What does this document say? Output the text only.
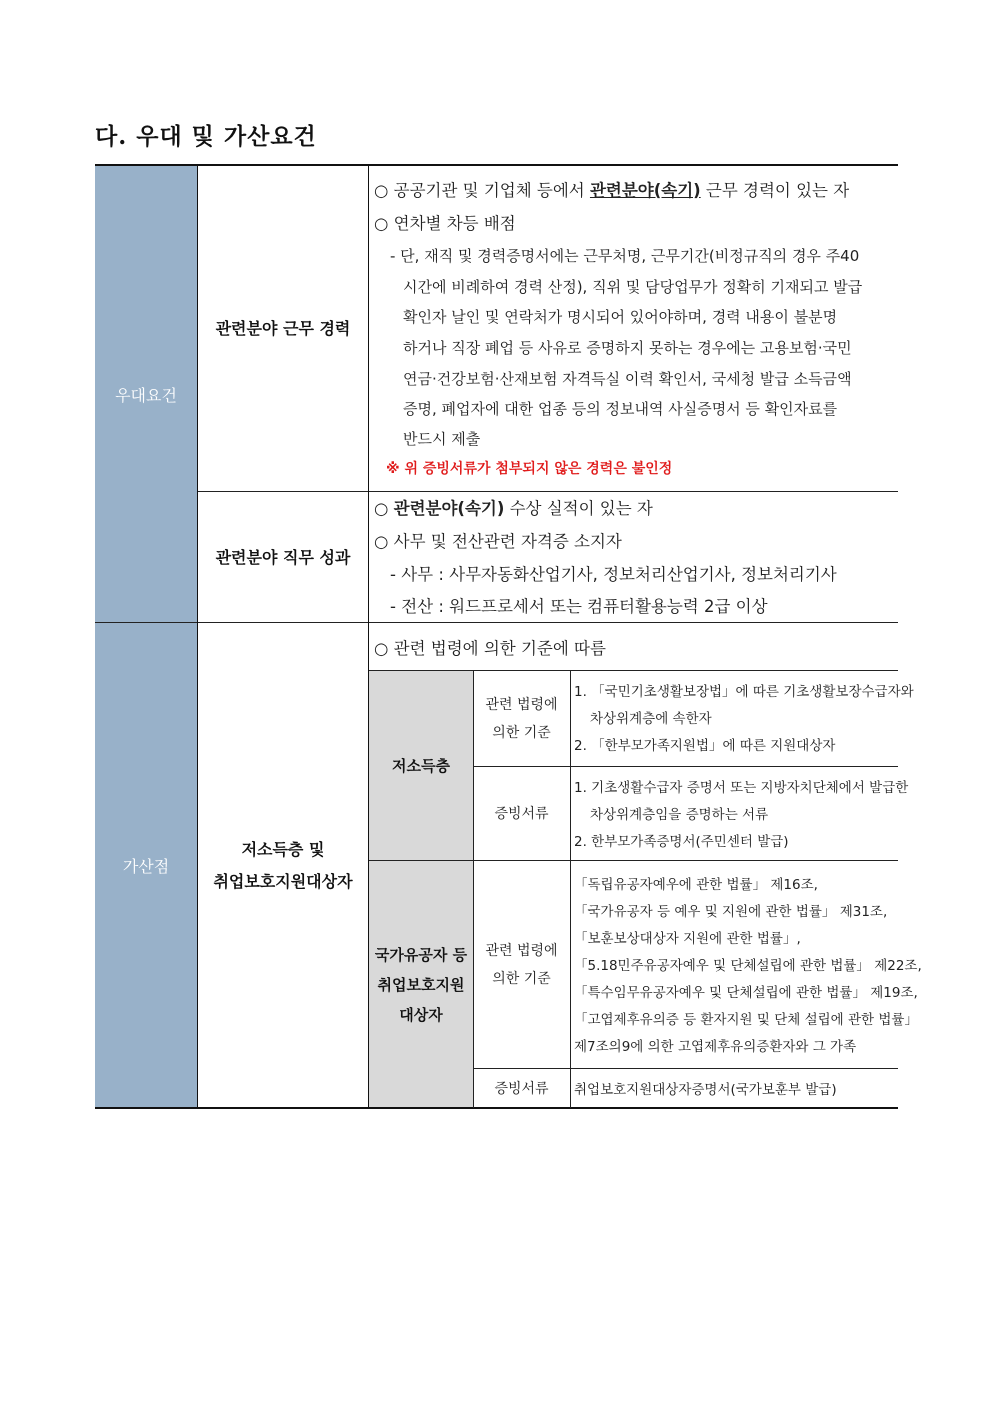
다. 우대 및 가산요건
우대요건
가산점
저소득층
국가유공자 등
취업보호지원
대상자
관련분야 근무 경력
관련분야 직무 성과
저소득층 및
취업보호지원대상자
관련 법령에
의한 기준
증빙서류
관련 법령에
의한 기준
증빙서류
○ 공공기관 및 기업체 등에서 관련분야(속기) 근무 경력이 있는 자
○ 연차별 차등 배점
- 단, 재직 및 경력증명서에는 근무처명, 근무기간(비정규직의 경우 주40
시간에 비례하여 경력 산정), 직위 및 담당업무가 정확히 기재되고 발급
확인자 날인 및 연락처가 명시되어 있어야하며, 경력 내용이 불분명
하거나 직장 폐업 등 사유로 증명하지 못하는 경우에는 고용보험·국민
연금·건강보험·산재보험 자격득실 이력 확인서, 국세청 발급 소득금액
증명, 폐업자에 대한 업종 등의 정보내역 사실증명서 등 확인자료를
반드시 제출
※ 위 증빙서류가 첨부되지 않은 경력은 불인정
○ 관련분야(속기) 수상 실적이 있는 자
○ 사무 및 전산관련 자격증 소지자
- 사무 : 사무자동화산업기사, 정보처리산업기사, 정보처리기사
- 전산 : 워드프로세서 또는 컴퓨터활용능력 2급 이상
○ 관련 법령에 의한 기준에 따름
1. 「국민기초생활보장법」에 따른 기초생활보장수급자와
차상위계층에 속한자
2. 「한부모가족지원법」에 따른 지원대상자
1. 기초생활수급자 증명서 또는 지방자치단체에서 발급한
차상위계층임을 증명하는 서류
2. 한부모가족증명서(주민센터 발급)
「독립유공자예우에 관한 법률」 제16조,
「국가유공자 등 예우 및 지원에 관한 법률」 제31조,
「보훈보상대상자 지원에 관한 법률」,
「5.18민주유공자예우 및 단체설립에 관한 법률」 제22조,
「특수임무유공자예우 및 단체설립에 관한 법률」 제19조,
「고엽제후유의증 등 환자지원 및 단체 설립에 관한 법률」
제7조의9에 의한 고엽제후유의증환자와 그 가족
취업보호지원대상자증명서(국가보훈부 발급)
